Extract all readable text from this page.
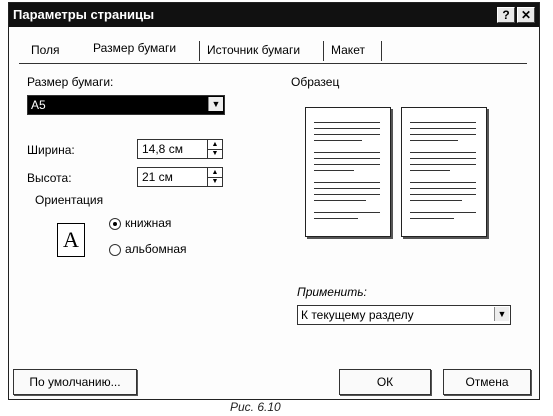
Параметры страницы	? ✕
Поля	Размер бумаги	Источник бумаги	Макет
Размер бумаги:
A5	▼
Ширина:	14,8 см	▲
▼
Высота:	21 см	▲
▼
Ориентация
A
книжная
альбомная
Образец
Применить:
К текущему разделу	▼
По умолчанию...	ОК	Отмена
Рис. 6.10
